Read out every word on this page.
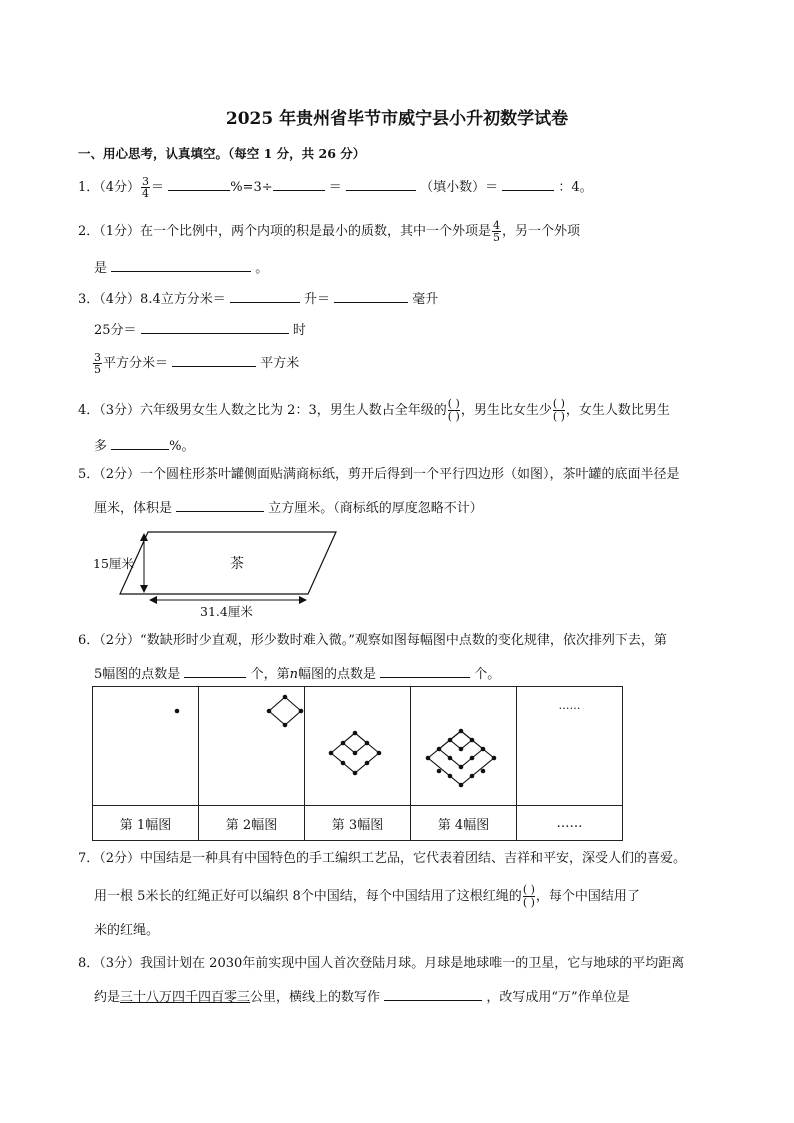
2025 年贵州省毕节市威宁县小升初数学试卷
一、用心思考，认真填空。（每空 1 分，共 26 分）
1．（4分） $\frac{3}{4}$ ＝	%=3÷	＝	（填小数）＝	：4。
2．（1分）在一个比例中，两个内项的积是最小的质数，其中一个外项是 $\frac{4}{5}$ ，另一个外项
是	。
3．（4分）8.4立方分米＝	升＝	毫升
25分＝	时
$\frac{3}{5}$ 平方分米＝	平方米
4．（3分）六年级男女生人数之比为 2：3，男生人数占全年级的 ( )
( )，男生比女生少 ( )
( )，女生人数比男生
多	%。
5．（2分）一个圆柱形茶叶罐侧面贴满商标纸，剪开后得到一个平行四边形（如图），茶叶罐的底面半径是
厘米，体积是	立方厘米。（商标纸的厚度忽略不计）
15厘米	茶
31.4厘米
6．（2分）“数缺形时少直观，形少数时难入微。”观察如图每幅图中点数的变化规律，依次排列下去，第
5幅图的点数是	个，第n幅图的点数是	个。

……

第 1幅图	第 2幅图	第 3幅图	第 4幅图	……
7．（2分）中国结是一种具有中国特色的手工编织工艺品，它代表着团结、吉祥和平安，深受人们的喜爱。
用一根 5米长的红绳正好可以编织 8个中国结，每个中国结用了这根红绳的 ( )
( )，每个中国结用了
米的红绳。
8．（3分）我国计划在 2030年前实现中国人首次登陆月球。月球是地球唯一的卫星，它与地球的平均距离
约是三十八万四千四百零三公里，横线上的数写作	，改写成用“万”作单位是
